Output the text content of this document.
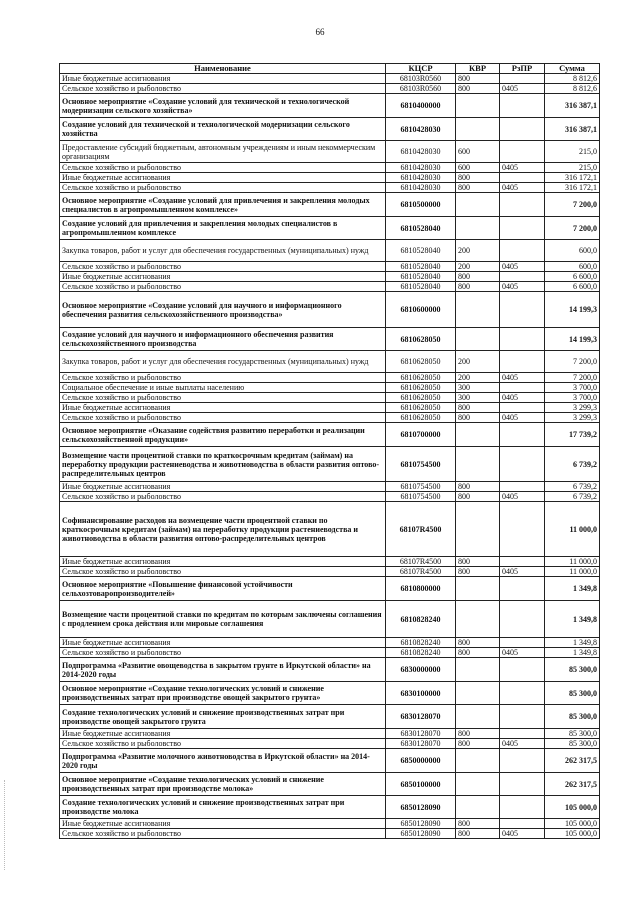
66
Наименование	КЦСР	КВР	РзПР	Сумма
Иные бюджетные ассигнования	68103R0560	800		8 812,6
Сельское хозяйство и рыболовство	68103R0560	800	0405	8 812,6
Основное мероприятие «Создание условий для технической и технологической модернизации сельского хозяйства»	6810400000			316 387,1
Создание условий для технической и технологической модернизации сельского хозяйства	6810428030			316 387,1
Предоставление субсидий бюджетным, автономным учреждениям и иным некоммерческим организациям	6810428030	600		215,0
Сельское хозяйство и рыболовство	6810428030	600	0405	215,0
Иные бюджетные ассигнования	6810428030	800		316 172,1
Сельское хозяйство и рыболовство	6810428030	800	0405	316 172,1
Основное мероприятие «Создание условий для привлечения и закрепления молодых специалистов в агропромышленном комплексе»	6810500000			7 200,0
Создание условий для привлечения и закрепления молодых специалистов в агропромышленном комплексе	6810528040			7 200,0
Закупка товаров, работ и услуг для обеспечения государственных (муниципальных) нужд	6810528040	200		600,0
Сельское хозяйство и рыболовство	6810528040	200	0405	600,0
Иные бюджетные ассигнования	6810528040	800		6 600,0
Сельское хозяйство и рыболовство	6810528040	800	0405	6 600,0
Основное мероприятие «Создание условий для научного и информационного обеспечения развития сельскохозяйственного производства»	6810600000			14 199,3
Создание условий для научного и информационного обеспечения развития сельскохозяйственного производства	6810628050			14 199,3
Закупка товаров, работ и услуг для обеспечения государственных (муниципальных) нужд	6810628050	200		7 200,0
Сельское хозяйство и рыболовство	6810628050	200	0405	7 200,0
Социальное обеспечение и иные выплаты населению	6810628050	300		3 700,0
Сельское хозяйство и рыболовство	6810628050	300	0405	3 700,0
Иные бюджетные ассигнования	6810628050	800		3 299,3
Сельское хозяйство и рыболовство	6810628050	800	0405	3 299,3
Основное мероприятие «Оказание содействия развитию переработки и реализации сельскохозяйственной продукции»	6810700000			17 739,2
Возмещение части процентной ставки по краткосрочным кредитам (займам) на переработку продукции растениеводства и животноводства в области развития оптово-распределительных центров	6810754500			6 739,2
Иные бюджетные ассигнования	6810754500	800		6 739,2
Сельское хозяйство и рыболовство	6810754500	800	0405	6 739,2
Софинансирование расходов на возмещение части процентной ставки по краткосрочным кредитам (займам) на переработку продукции растениеводства и животноводства в области развития оптово-распределительных центров	68107R4500			11 000,0
Иные бюджетные ассигнования	68107R4500	800		11 000,0
Сельское хозяйство и рыболовство	68107R4500	800	0405	11 000,0
Основное мероприятие «Повышение финансовой устойчивости сельхозтоваропроизводителей»	6810800000			1 349,8
Возмещение части процентной ставки по кредитам по которым заключены соглашения с продлением срока действия или мировые соглашения	6810828240			1 349,8
Иные бюджетные ассигнования	6810828240	800		1 349,8
Сельское хозяйство и рыболовство	6810828240	800	0405	1 349,8
Подпрограмма «Развитие овощеводства в закрытом грунте в Иркутской области» на 2014-2020 годы	6830000000			85 300,0
Основное мероприятие «Создание технологических условий и снижение производственных затрат при производстве овощей закрытого грунта»	6830100000			85 300,0
Создание технологических условий и снижение производственных затрат при производстве овощей закрытого грунта	6830128070			85 300,0
Иные бюджетные ассигнования	6830128070	800		85 300,0
Сельское хозяйство и рыболовство	6830128070	800	0405	85 300,0
Подпрограмма «Развитие молочного животноводства в Иркутской области» на 2014-2020 годы	6850000000			262 317,5
Основное мероприятие «Создание технологических условий и снижение производственных затрат при производстве молока»	6850100000			262 317,5
Создание технологических условий и снижение производственных затрат при производстве молока	6850128090			105 000,0
Иные бюджетные ассигнования	6850128090	800		105 000,0
Сельское хозяйство и рыболовство	6850128090	800	0405	105 000,0
